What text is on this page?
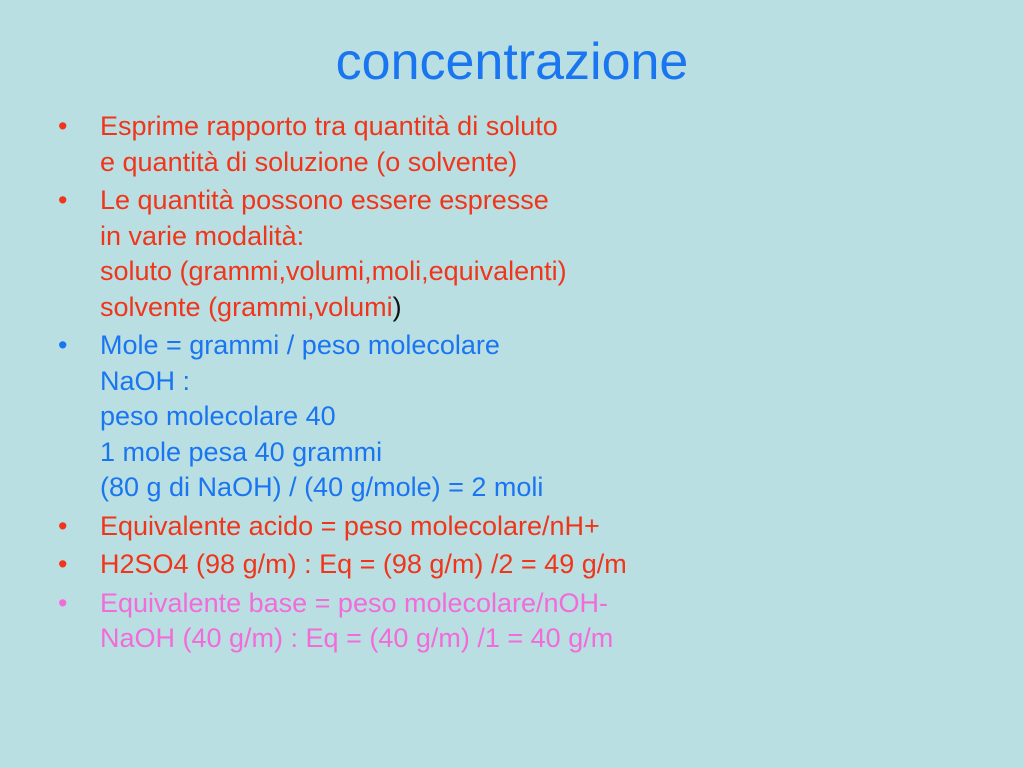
concentrazione
•	Esprime rapporto tra quantità di soluto
e quantità di soluzione (o solvente)
•	Le quantità possono essere espresse
in varie modalità:
soluto (grammi,volumi,moli,equivalenti)
solvente (grammi,volumi)
•	Mole = grammi / peso molecolare
NaOH :
peso molecolare 40
1 mole pesa 40 grammi
(80 g di NaOH) / (40 g/mole) = 2 moli
•	Equivalente acido = peso molecolare/nH+
•	H2SO4 (98 g/m) : Eq = (98 g/m) /2 = 49 g/m
•	Equivalente base = peso molecolare/nOH-
NaOH (40 g/m) : Eq = (40 g/m) /1 = 40 g/m
